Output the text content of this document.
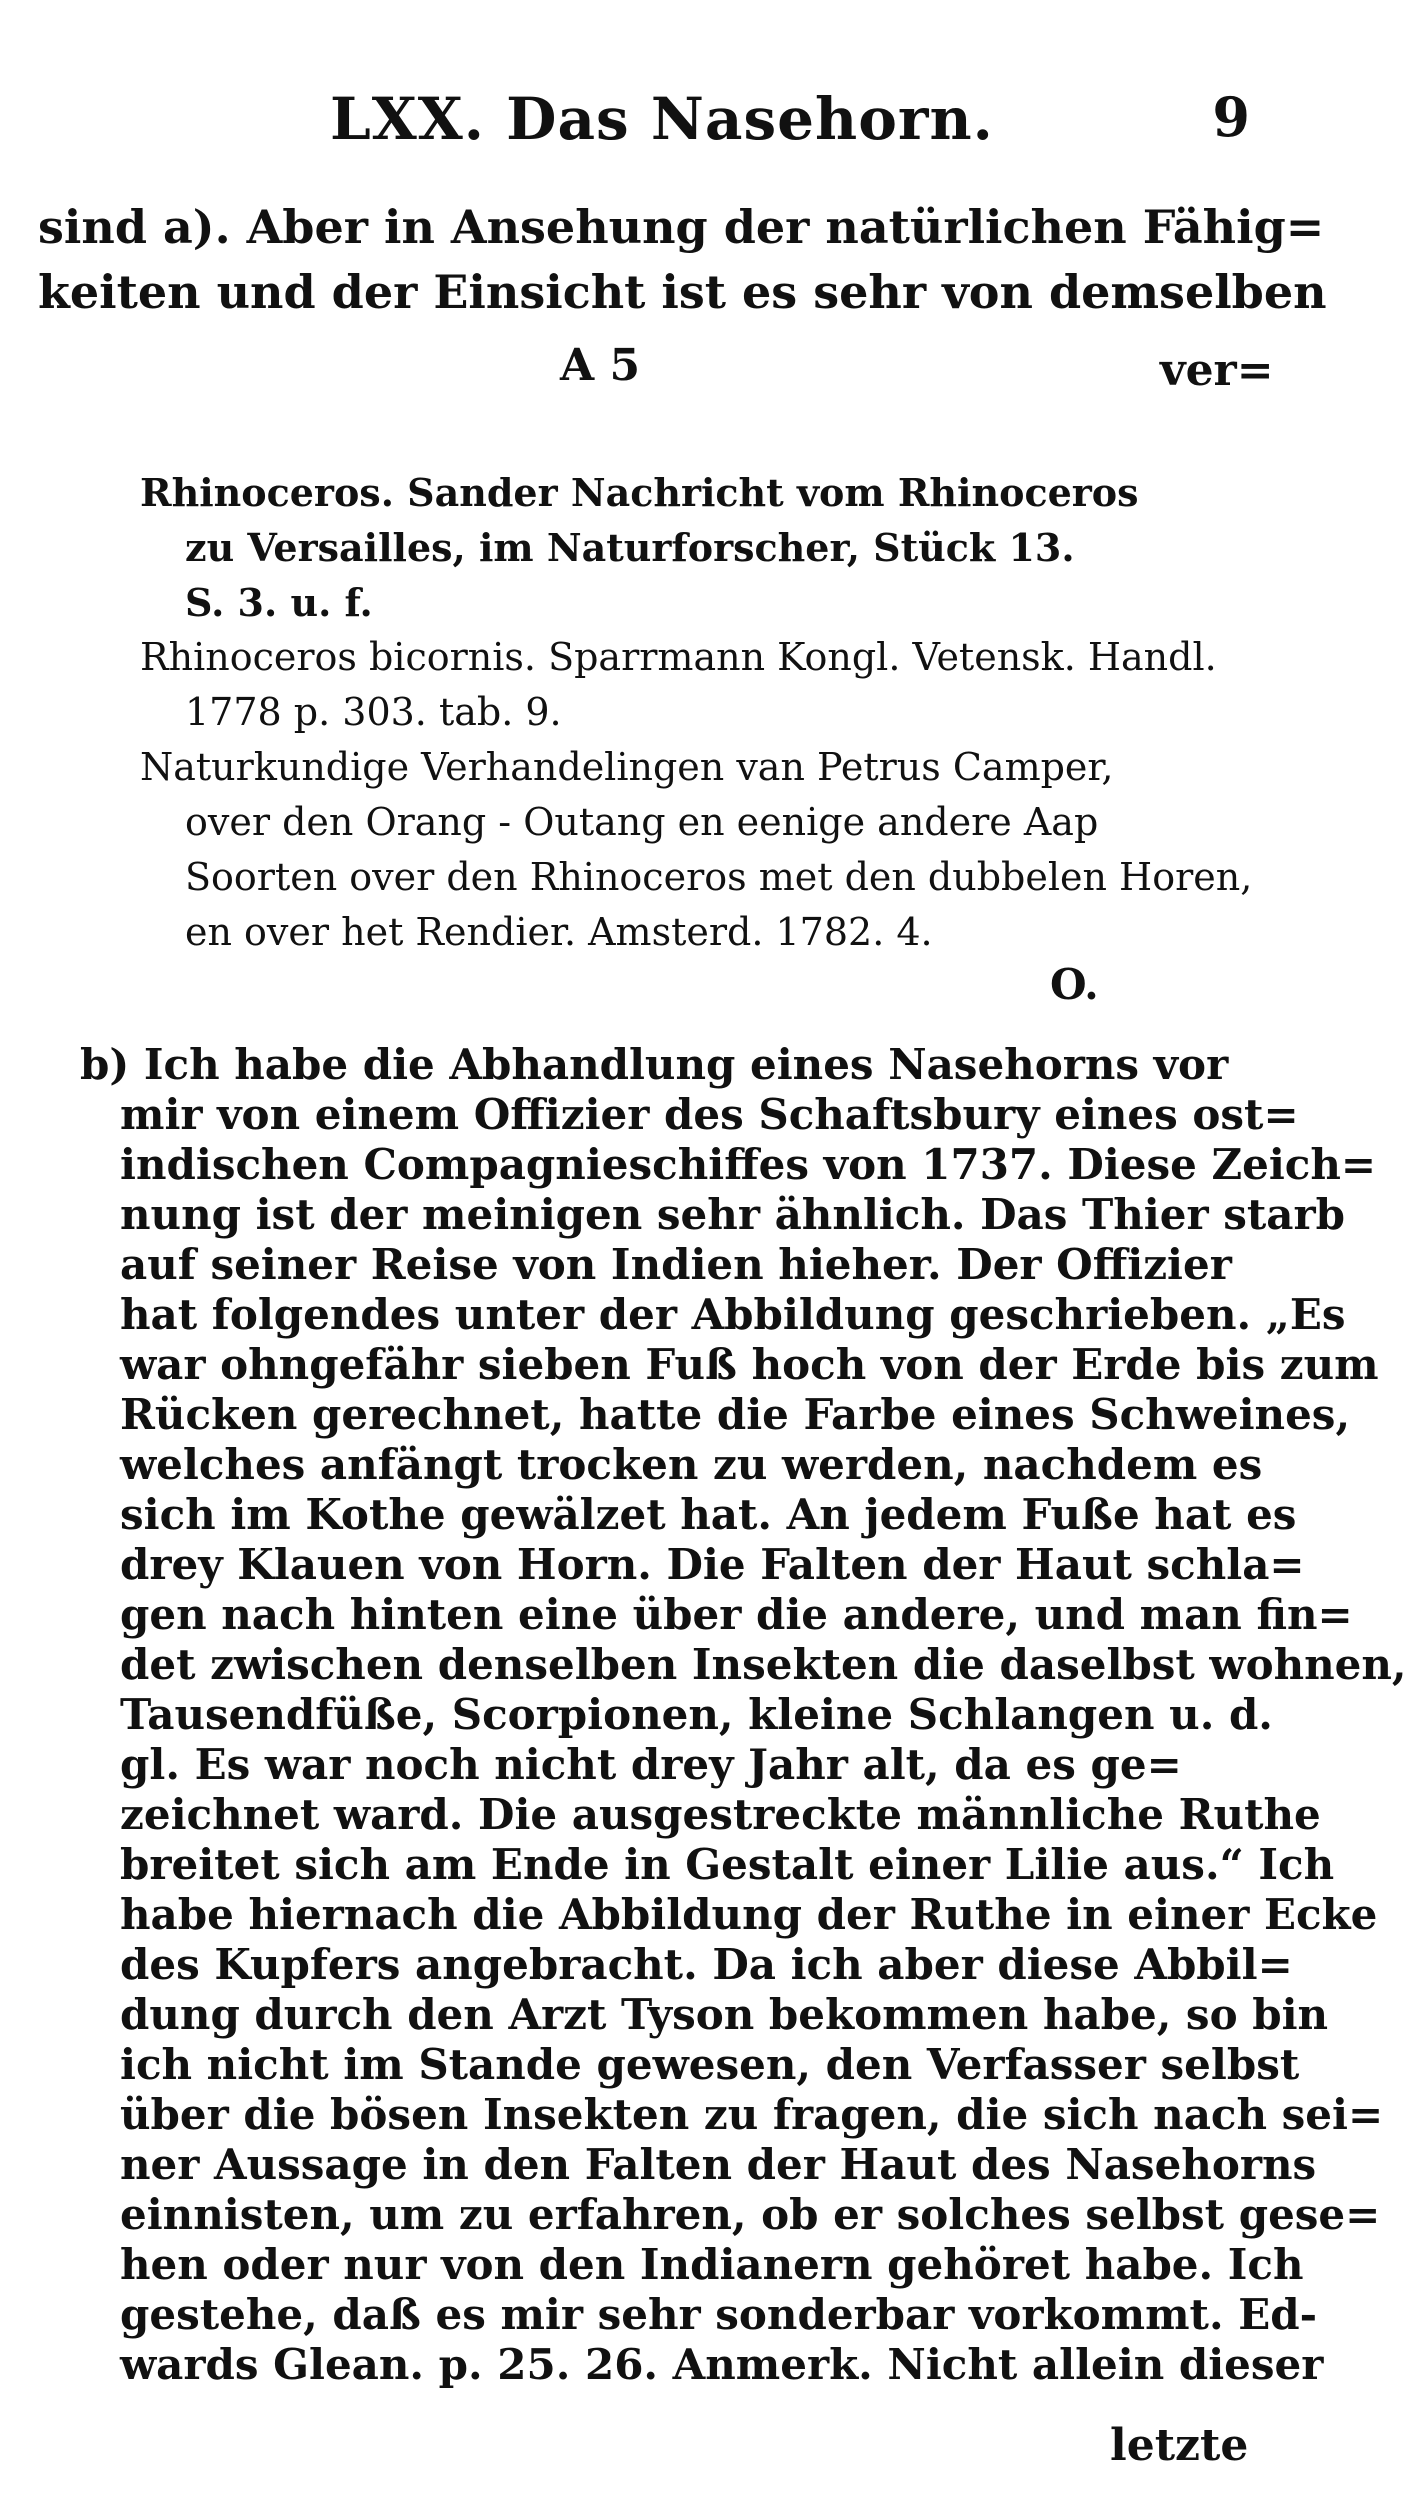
LXX. Das Nasehorn.	9
sind a). Aber in Ansehung der natürlichen Fähig=
keiten und der Einsicht ist es sehr von demselben
A 5	ver=
Rhinoceros. Sander Nachricht vom Rhinoceros
zu Versailles, im Naturforscher, Stück 13.
S. 3. u. f.
Rhinoceros bicornis. Sparrmann Kongl. Vetensk. Handl.
1778 p. 303. tab. 9.
Naturkundige Verhandelingen van Petrus Camper,
over den Orang - Outang en eenige andere Aap
Soorten over den Rhinoceros met den dubbelen Horen,
en over het Rendier. Amsterd. 1782. 4.
O.
b) Ich habe die Abhandlung eines Nasehorns vor
mir von einem Offizier des Schaftsbury eines ost=
indischen Compagnieschiffes von 1737. Diese Zeich=
nung ist der meinigen sehr ähnlich. Das Thier starb
auf seiner Reise von Indien hieher. Der Offizier
hat folgendes unter der Abbildung geschrieben. „Es
war ohngefähr sieben Fuß hoch von der Erde bis zum
Rücken gerechnet, hatte die Farbe eines Schweines,
welches anfängt trocken zu werden, nachdem es
sich im Kothe gewälzet hat. An jedem Fuße hat es
drey Klauen von Horn. Die Falten der Haut schla=
gen nach hinten eine über die andere, und man fin=
det zwischen denselben Insekten die daselbst wohnen,
Tausendfüße, Scorpionen, kleine Schlangen u. d.
gl. Es war noch nicht drey Jahr alt, da es ge=
zeichnet ward. Die ausgestreckte männliche Ruthe
breitet sich am Ende in Gestalt einer Lilie aus.“ Ich
habe hiernach die Abbildung der Ruthe in einer Ecke
des Kupfers angebracht. Da ich aber diese Abbil=
dung durch den Arzt Tyson bekommen habe, so bin
ich nicht im Stande gewesen, den Verfasser selbst
über die bösen Insekten zu fragen, die sich nach sei=
ner Aussage in den Falten der Haut des Nasehorns
einnisten, um zu erfahren, ob er solches selbst gese=
hen oder nur von den Indianern gehöret habe. Ich
gestehe, daß es mir sehr sonderbar vorkommt. Ed-
wards Glean. p. 25. 26. Anmerk. Nicht allein dieser
letzte
